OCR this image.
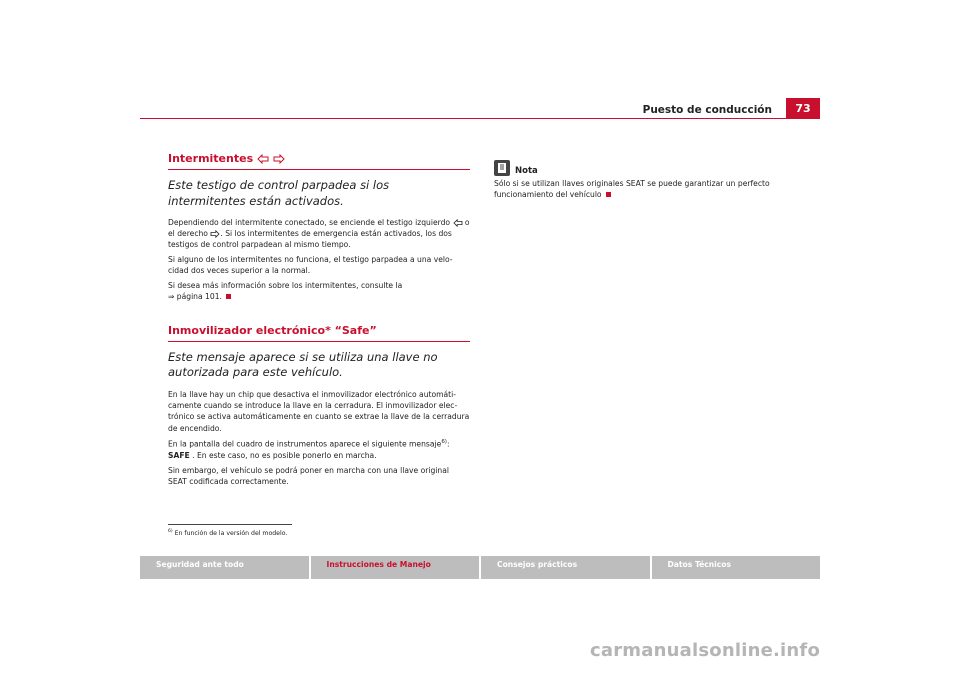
Puesto de conducción	73
Intermitentes

Este testigo de control parpadea si los intermitentes están activados.

Dependiendo del intermitente conectado, se enciende el testigo izquierdo o el derecho . Si los intermitentes de emergencia están activados, los dos testigos de control parpadean al mismo tiempo.

Si alguno de los intermitentes no funciona, el testigo parpadea a una velo-cidad dos veces superior a la normal.

Si desea más información sobre los intermitentes, consulte la
⇒ página 101.

Inmovilizador electrónico* “Safe”

Este mensaje aparece si se utiliza una llave no autorizada para este vehículo.

En la llave hay un chip que desactiva el inmovilizador electrónico automáti-camente cuando se introduce la llave en la cerradura. El inmovilizador elec-trónico se activa automáticamente en cuanto se extrae la llave de la cerradura de encendido.

En la pantalla del cuadro de instrumentos aparece el siguiente mensaje$^{6)}$:
SAFE . En este caso, no es posible ponerlo en marcha.

Sin embargo, el vehículo se podrá poner en marcha con una llave original SEAT codificada correctamente.

Nota

Sólo si se utilizan llaves originales SEAT se puede garantizar un perfecto funcionamiento del vehículo

$^{6)}$ En función de la versión del modelo.
Seguridad ante todo	Instrucciones de Manejo	Consejos prácticos	Datos Técnicos
carmanualsonline.info
